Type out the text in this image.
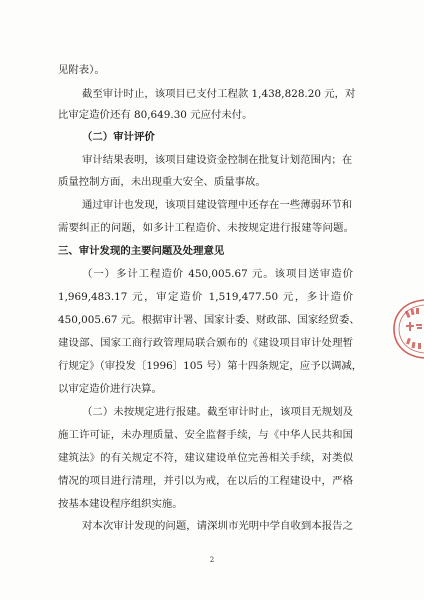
见附表）。
截至审计时止，该项目已支付工程款 1,438,828.20 元，对
比审定造价还有 80,649.30 元应付未付。
（二）审计评价
审计结果表明，该项目建设资金控制在批复计划范围内；在
质量控制方面，未出现重大安全、质量事故。
通过审计也发现，该项目建设管理中还存在一些薄弱环节和
需要纠正的问题，如多计工程造价、未按规定进行报建等问题。
三、审计发现的主要问题及处理意见
（一）多计工程造价 450,005.67 元。该项目送审造价
1,969,483.17 元，审定造价 1,519,477.50 元，多计造价
450,005.67 元。根据审计署、国家计委、财政部、国家经贸委、
建设部、国家工商行政管理局联合颁布的《建设项目审计处理暂
行规定》（审投发〔1996〕105 号）第十四条规定，应予以调减，
以审定造价进行决算。
（二）未按规定进行报建。截至审计时止，该项目无规划及
施工许可证，未办理质量、安全监督手续，与《中华人民共和国
建筑法》的有关规定不符，建议建设单位完善相关手续，对类似
情况的项目进行清理，并引以为戒，在以后的工程建设中，严格
按基本建设程序组织实施。
对本次审计发现的问题，请深圳市光明中学自收到本报告之
2
